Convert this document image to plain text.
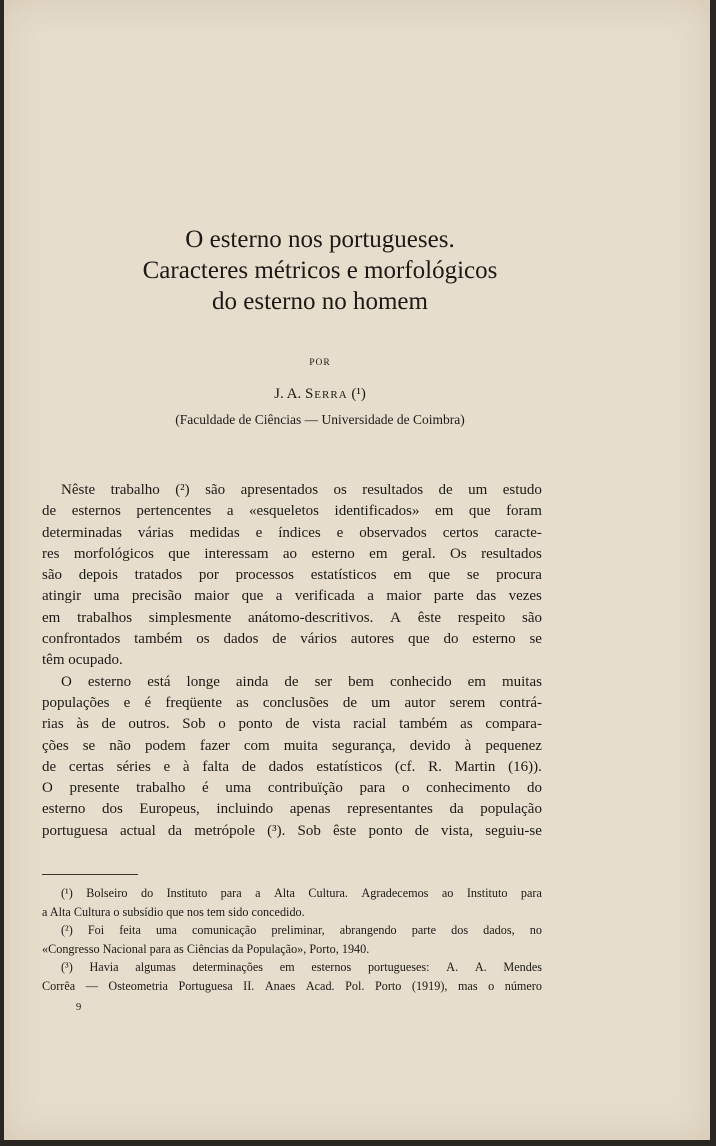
O esterno nos portugueses.
Caracteres métricos e morfológicos
do esterno no homem
POR
J. A. Serra (¹)
(Faculdade de Ciências — Universidade de Coimbra)
Nêste trabalho (²) são apresentados os resultados de um estudo
de esternos pertencentes a «esqueletos identificados» em que foram
determinadas várias medidas e índices e observados certos caracte-
res morfológicos que interessam ao esterno em geral. Os resultados
são depois tratados por processos estatísticos em que se procura
atingir uma precisão maior que a verificada a maior parte das vezes
em trabalhos simplesmente anátomo-descritivos. A êste respeito são
confrontados também os dados de vários autores que do esterno se
têm ocupado.
O esterno está longe ainda de ser bem conhecido em muitas
populações e é freqüente as conclusões de um autor serem contrá-
rias às de outros. Sob o ponto de vista racial também as compara-
ções se não podem fazer com muita segurança, devido à pequenez
de certas séries e à falta de dados estatísticos (cf. R. Martin (16)).
O presente trabalho é uma contribuïção para o conhecimento do
esterno dos Europeus, incluindo apenas representantes da população
portuguesa actual da metrópole (³). Sob êste ponto de vista, seguiu-se
(¹) Bolseiro do Instituto para a Alta Cultura. Agradecemos ao Instituto para
a Alta Cultura o subsídio que nos tem sido concedido.
(²) Foi feita uma comunicação preliminar, abrangendo parte dos dados, no
«Congresso Nacional para as Ciências da População», Porto, 1940.
(³) Havia algumas determinações em esternos portugueses: A. A. Mendes
Corrêa — Osteometria Portuguesa II. Anaes Acad. Pol. Porto (1919), mas o número
9
